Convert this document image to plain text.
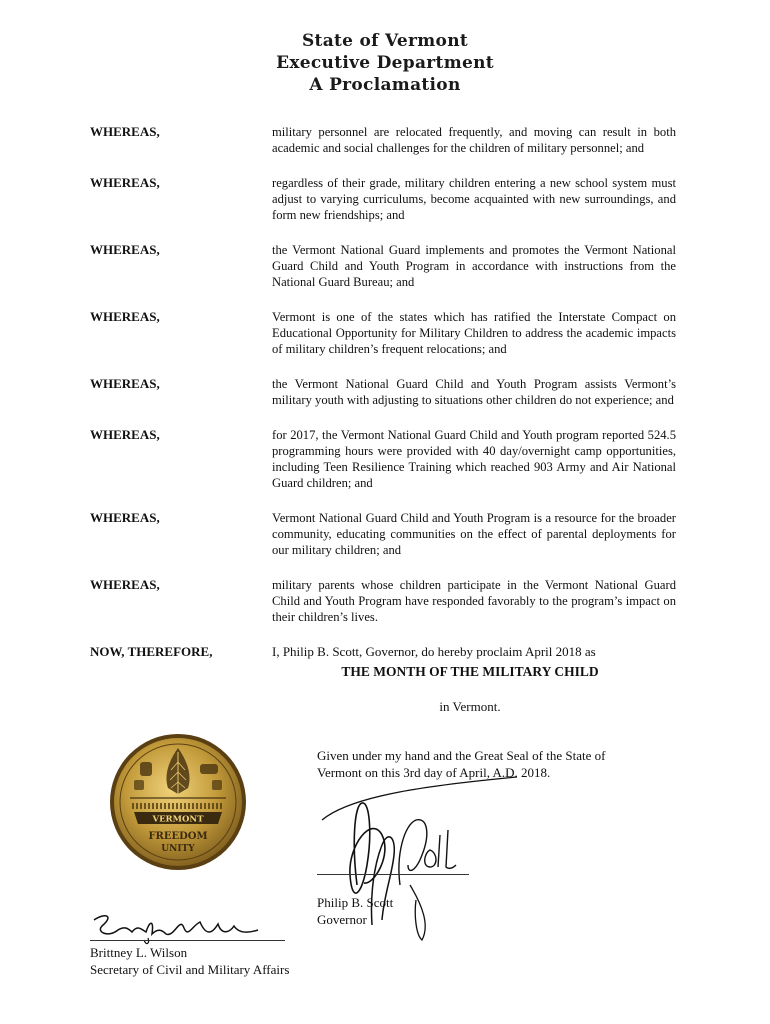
State of Vermont
Executive Department
A Proclamation
WHEREAS,	military personnel are relocated frequently, and moving can result in both academic and social challenges for the children of military personnel; and
WHEREAS,	regardless of their grade, military children entering a new school system must adjust to varying curriculums, become acquainted with new surroundings, and form new friendships; and
WHEREAS,	the Vermont National Guard implements and promotes the Vermont National Guard Child and Youth Program in accordance with instructions from the National Guard Bureau; and
WHEREAS,	Vermont is one of the states which has ratified the Interstate Compact on Educational Opportunity for Military Children to address the academic impacts of military children’s frequent relocations; and
WHEREAS,	the Vermont National Guard Child and Youth Program assists Vermont’s military youth with adjusting to situations other children do not experience; and
WHEREAS,	for 2017, the Vermont National Guard Child and Youth program reported 524.5 programming hours were provided with 40 day/overnight camp opportunities, including Teen Resilience Training which reached 903 Army and Air National Guard children; and
WHEREAS,	Vermont National Guard Child and Youth Program is a resource for the broader community, educating communities on the effect of parental deployments for our military children; and
WHEREAS,	military parents whose children participate in the Vermont National Guard Child and Youth Program have responded favorably to the program’s impact on their children’s lives.
NOW, THEREFORE,	I, Philip B. Scott, Governor, do hereby proclaim April 2018 as
THE MONTH OF THE MILITARY CHILD
in Vermont.
Given under my hand and the Great Seal of the State of
Vermont on this 3rd day of April, A.D. 2018.
VERMONT
FREEDOM
UNITY
Philip B. Scott
Governor
Brittney L. Wilson
Secretary of Civil and Military Affairs
